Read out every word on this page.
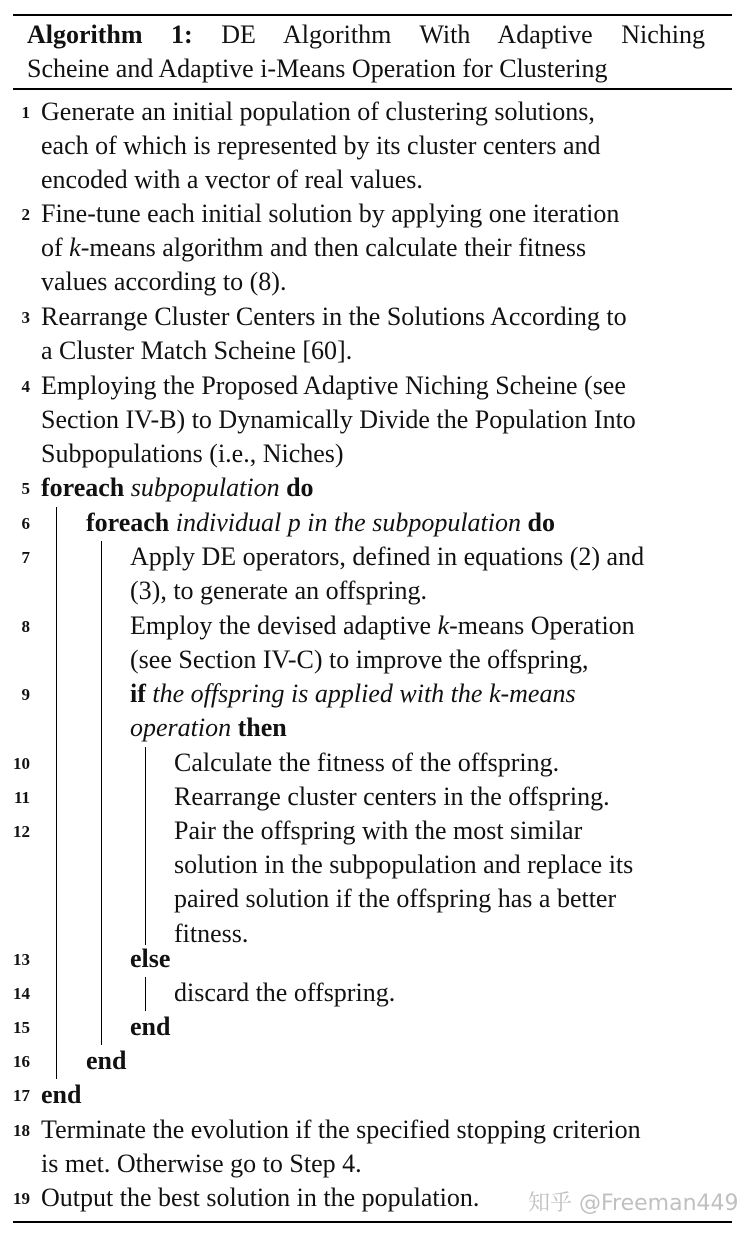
Algorithm 1: DE Algorithm With Adaptive Niching
Scheine and Adaptive i-Means Operation for Clustering
1 Generate an initial population of clustering solutions,
each of which is represented by its cluster centers and
encoded with a vector of real values.
2 Fine-tune each initial solution by applying one iteration
of k-means algorithm and then calculate their fitness
values according to (8).
3 Rearrange Cluster Centers in the Solutions According to
a Cluster Match Scheine [60].
4 Employing the Proposed Adaptive Niching Scheine (see
Section IV-B) to Dynamically Divide the Population Into
Subpopulations (i.e., Niches)
5 foreach subpopulation do
6 foreach individual p in the subpopulation do
7	Apply DE operators, defined in equations (2) and
(3), to generate an offspring.
8	Employ the devised adaptive k-means Operation
(see Section IV-C) to improve the offspring,
9	if the offspring is applied with the k-means
operation then
10	Calculate the fitness of the offspring.
11	Rearrange cluster centers in the offspring.
12	Pair the offspring with the most similar
solution in the subpopulation and replace its
paired solution if the offspring has a better
fitness.
13	else
14	discard the offspring.
15	end
16 end
17 end
18 Terminate the evolution if the specified stopping criterion
is met. Otherwise go to Step 4.
19 Output the best solution in the population. 知乎 @Freeman449
